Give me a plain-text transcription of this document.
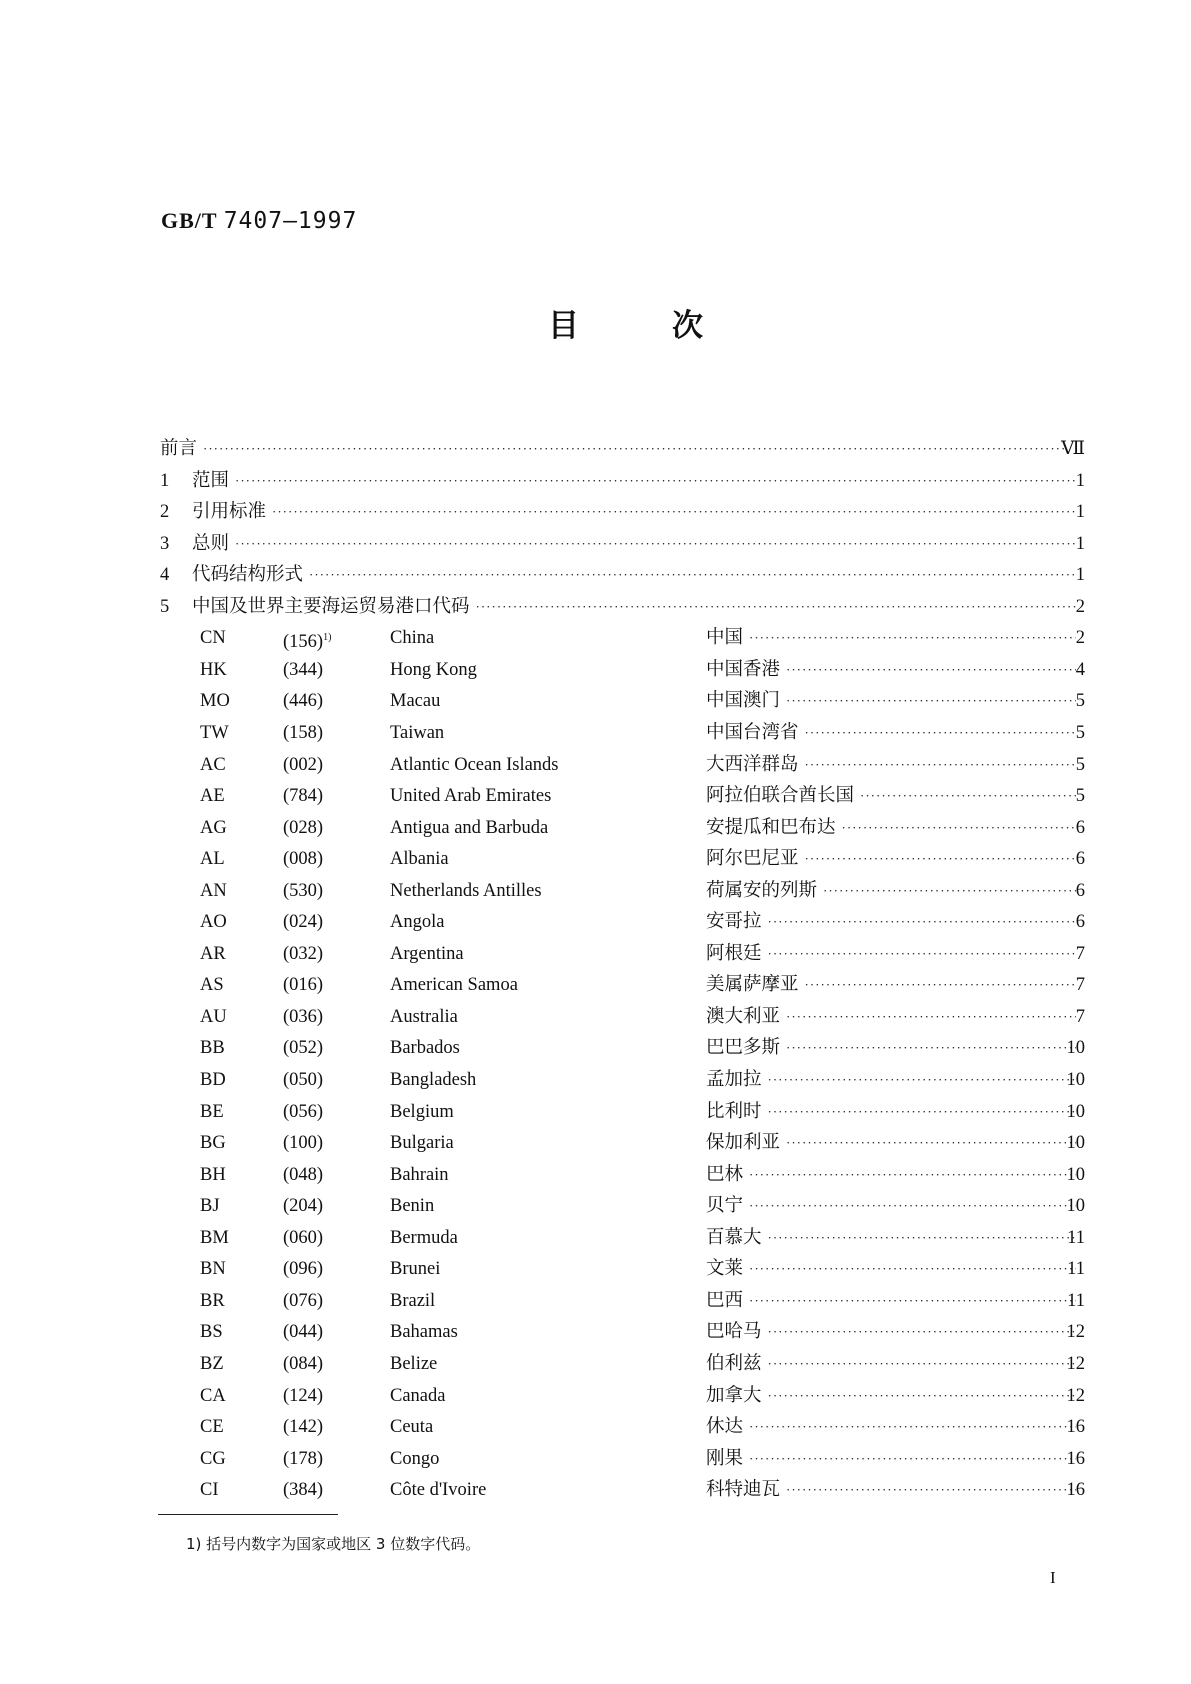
GB/T 7407—1997
目	次
前言 ·····	Ⅶ
1 范围 ·····	1
2 引用标准 ·····	1
3 总则 ·····	1
4 代码结构形式 ·····	1
5 中国及世界主要海运贸易港口代码 ·····	2
CN	$(156)^{1)}$	China	中国 ·····	2
HK	(344)	Hong Kong	中国香港 ·····	4
MO	(446)	Macau	中国澳门 ·····	5
TW	(158)	Taiwan	中国台湾省 ·····	5
AC	(002)	Atlantic Ocean Islands	大西洋群岛 ·····	5
AE	(784)	United Arab Emirates	阿拉伯联合酋长国 ·····	5
AG	(028)	Antigua and Barbuda	安提瓜和巴布达 ·····	6
AL	(008)	Albania	阿尔巴尼亚 ·····	6
AN	(530)	Netherlands Antilles	荷属安的列斯 ·····	6
AO	(024)	Angola	安哥拉 ·····	6
AR	(032)	Argentina	阿根廷 ·····	7
AS	(016)	American Samoa	美属萨摩亚 ·····	7
AU	(036)	Australia	澳大利亚 ·····	7
BB	(052)	Barbados	巴巴多斯 ·····	10
BD	(050)	Bangladesh	孟加拉 ·····	10
BE	(056)	Belgium	比利时 ·····	10
BG	(100)	Bulgaria	保加利亚 ·····	10
BH	(048)	Bahrain	巴林 ·····	10
BJ	(204)	Benin	贝宁 ·····	10
BM	(060)	Bermuda	百慕大 ·····	11
BN	(096)	Brunei	文莱 ·····	11
BR	(076)	Brazil	巴西 ·····	11
BS	(044)	Bahamas	巴哈马 ·····	12
BZ	(084)	Belize	伯利兹 ·····	12
CA	(124)	Canada	加拿大 ·····	12
CE	(142)	Ceuta	休达 ·····	16
CG	(178)	Congo	刚果 ·····	16
CI	(384)	Côte d'Ivoire	科特迪瓦 ·····	16
1) 括号内数字为国家或地区 3 位数字代码。
I
